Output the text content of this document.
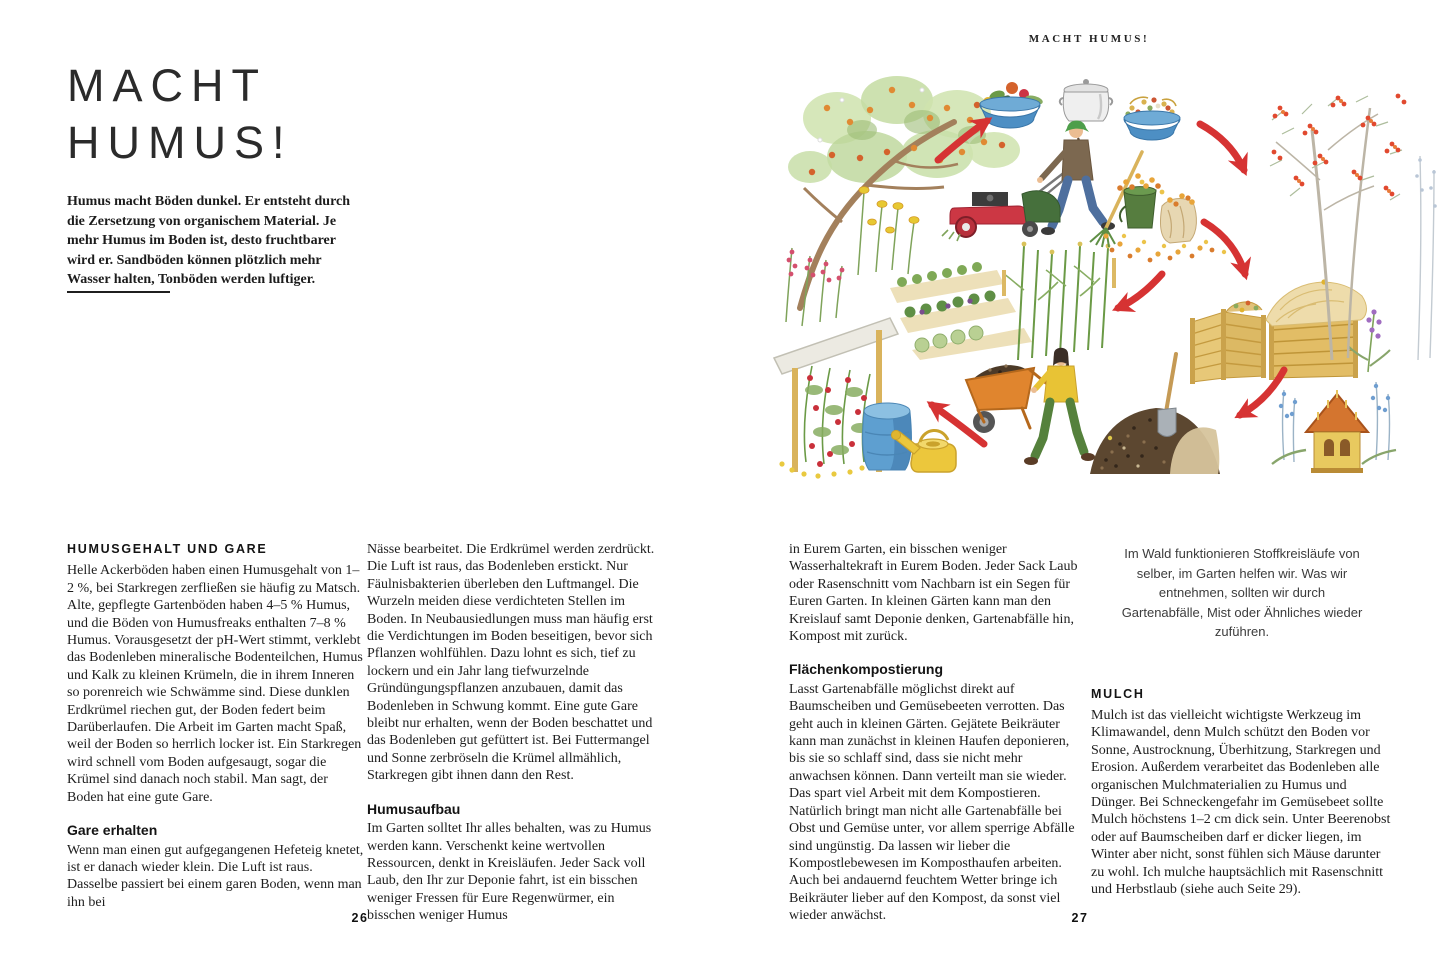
MACHT HUMUS!
MACHT
HUMUS!
Humus macht Böden dunkel. Er entsteht durch die Zersetzung von organischem Material. Je mehr Humus im Boden ist, desto fruchtbarer wird er. Sandböden können plötzlich mehr Wasser halten, Tonböden werden luftiger.
HUMUSGEHALT UND GARE

Helle Ackerböden haben einen Humusgehalt von 1–2 %, bei Starkregen zerfließen sie häufig zu Matsch. Alte, gepflegte Gartenböden haben 4–5 % Humus, und die Böden von Humusfreaks enthalten 7–8 % Humus. Vorausgesetzt der pH-Wert stimmt, verklebt das Bodenleben mineralische Bodenteilchen, Humus und Kalk zu kleinen Krümeln, die in ihrem Inneren so porenreich wie Schwämme sind. Diese dunklen Erdkrümel riechen gut, der Boden federt beim Darüberlaufen. Die Arbeit im Garten macht Spaß, weil der Boden so herrlich locker ist. Ein Starkregen wird schnell vom Boden aufgesaugt, sogar die Krümel sind danach noch stabil. Man sagt, der Boden hat eine gute Gare.

Gare erhalten

Wenn man einen gut aufgegangenen Hefeteig knetet, ist er danach wieder klein. Die Luft ist raus. Dasselbe passiert bei einem garen Boden, wenn man ihn bei

Nässe bearbeitet. Die Erdkrümel werden zerdrückt. Die Luft ist raus, das Bodenleben erstickt. Nur Fäulnisbakterien überleben den Luftmangel. Die Wurzeln meiden diese verdichteten Stellen im Boden. In Neubausiedlungen muss man häufig erst die Verdichtungen im Boden beseitigen, bevor sich Pflanzen wohlfühlen. Dazu lohnt es sich, tief zu lockern und ein Jahr lang tiefwurzelnde Gründüngungspflanzen anzubauen, damit das Bodenleben in Schwung kommt. Eine gute Gare bleibt nur erhalten, wenn der Boden beschattet und das Bodenleben gut gefüttert ist. Bei Futtermangel und Sonne zerbröseln die Krümel allmählich, Starkregen gibt ihnen dann den Rest.

Humusaufbau

Im Garten solltet Ihr alles behalten, was zu Humus werden kann. Verschenkt keine wertvollen Ressourcen, denkt in Kreisläufen. Jeder Sack voll Laub, den Ihr zur Deponie fahrt, ist ein bisschen weniger Fressen für Eure Regenwürmer, ein bisschen weniger Humus

26

in Eurem Garten, ein bisschen weniger Wasserhaltekraft in Eurem Boden. Jeder Sack Laub oder Rasenschnitt vom Nachbarn ist ein Segen für Euren Garten. In kleinen Gärten kann man den Kreislauf samt Deponie denken, Gartenabfälle hin, Kompost mit zurück.

Flächenkompostierung

Lasst Gartenabfälle möglichst direkt auf Baumscheiben und Gemüsebeeten verrotten. Das geht auch in kleinen Gärten. Gejätete Beikräuter kann man zunächst in kleinen Haufen deponieren, bis sie so schlaff sind, dass sie nicht mehr anwachsen können. Dann verteilt man sie wieder. Das spart viel Arbeit mit dem Kompostieren. Natürlich bringt man nicht alle Gartenabfälle bei Obst und Gemüse unter, vor allem sperrige Abfälle sind ungünstig. Da lassen wir lieber die Kompostlebewesen im Komposthaufen arbeiten. Auch bei andauernd feuchtem Wetter bringe ich Beikräuter lieber auf den Kompost, da sonst viel wieder anwächst.

Im Wald funktionieren Stoffkreisläufe von selber, im Garten helfen wir. Was wir entnehmen, sollten wir durch Gartenabfälle, Mist oder Ähnliches wieder zuführen.
MULCH

Mulch ist das vielleicht wichtigste Werkzeug im Klimawandel, denn Mulch schützt den Boden vor Sonne, Austrocknung, Überhitzung, Starkregen und Erosion. Außerdem verarbeitet das Bodenleben alle organischen Mulchmaterialien zu Humus und Dünger. Bei Schneckengefahr im Gemüsebeet sollte Mulch höchstens 1–2 cm dick sein. Unter Beerenobst oder auf Baumscheiben darf er dicker liegen, im Winter aber nicht, sonst fühlen sich Mäuse darunter zu wohl. Ich mulche hauptsächlich mit Rasenschnitt und Herbstlaub (siehe auch Seite 29).

27
